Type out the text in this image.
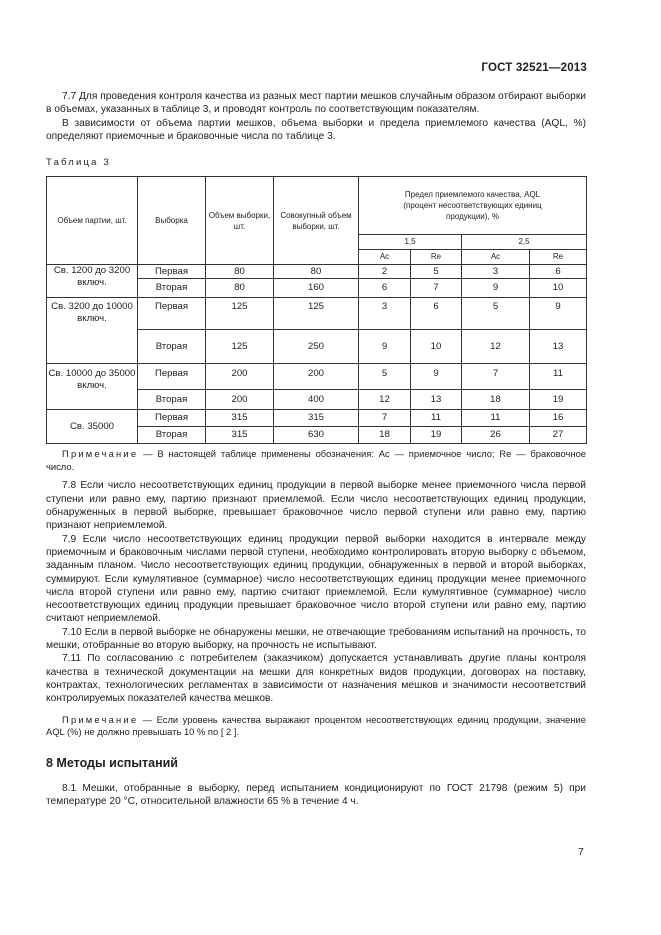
ГОСТ 32521—2013

7.7 Для проведения контроля качества из разных мест партии мешков случайным образом отбирают выборки в объемах, указанных в таблице 3, и проводят контроль по соответствующим показателям.

В зависимости от объема партии мешков, объема выборки и предела приемлемого качества (AQL, %) определяют приемочные и браковочные числа по таблице 3.

Таблица 3
Объем партии, шт.	Выборка	Объем выборки, шт.	Совокупный объем выборки, шт.	Предел приемлемого качества, AQL (процент несоответствующих единиц продукции), %			
				1,5		2,5	
				Ac	Re	Ac	Re
Св. 1200 до 3200 включ.	Первая	80	80	2	5	3	6
	Вторая	80	160	6	7	9	10

Св. 3200 до 10000 включ.	Первая	125	125	3	6	5	9
	Вторая	125	250	9	10	12	13
Св. 10000 до 35000 включ.	Первая	200	200	5	9	7	11
	Вторая	200	400	12	13	18	19
Св. 35000	Первая	315	315	7	11	11	16
	Вторая	315	630	18	19	26	27

Примечание — В настоящей таблице применены обозначения: Ac — приемочное число; Re — браковочное число.

7.8 Если число несоответствующих единиц продукции в первой выборке менее приемочного числа первой ступени или равно ему, партию признают приемлемой. Если число несоответствующих единиц продукции, обнаруженных в первой выборке, превышает браковочное число первой ступени или равно ему, партию признают неприемлемой.

7.9 Если число несоответствующих единиц продукции первой выборки находится в интервале между приемочным и браковочным числами первой ступени, необходимо контролировать вторую выборку с объемом, заданным планом. Число несоответствующих единиц продукции, обнаруженных в первой и второй выборках, суммируют. Если кумулятивное (суммарное) число несоответствующих единиц продукции менее приемочного числа второй ступени или равно ему, партию считают приемлемой. Если кумулятивное (суммарное) число несоответствующих единиц продукции превышает браковочное число второй ступени или равно ему, партию считают неприемлемой.

7.10 Если в первой выборке не обнаружены мешки, не отвечающие требованиям испытаний на прочность, то мешки, отобранные во вторую выборку, на прочность не испытывают.

7.11 По согласованию с потребителем (заказчиком) допускается устанавливать другие планы контроля качества в технической документации на мешки для конкретных видов продукции, договорах на поставку, контрактах, технологических регламентах в зависимости от назначения мешков и значимости несоответствий контролируемых показателей качества мешков.

Примечание — Если уровень качества выражают процентом несоответствующих единиц продукции, значение AQL (%) не должно превышать 10 % по [ 2 ].

8 Методы испытаний

8.1 Мешки, отобранные в выборку, перед испытанием кондиционируют по ГОСТ 21798 (режим 5) при температуре 20 °С, относительной влажности 65 % в течение 4 ч.

7
